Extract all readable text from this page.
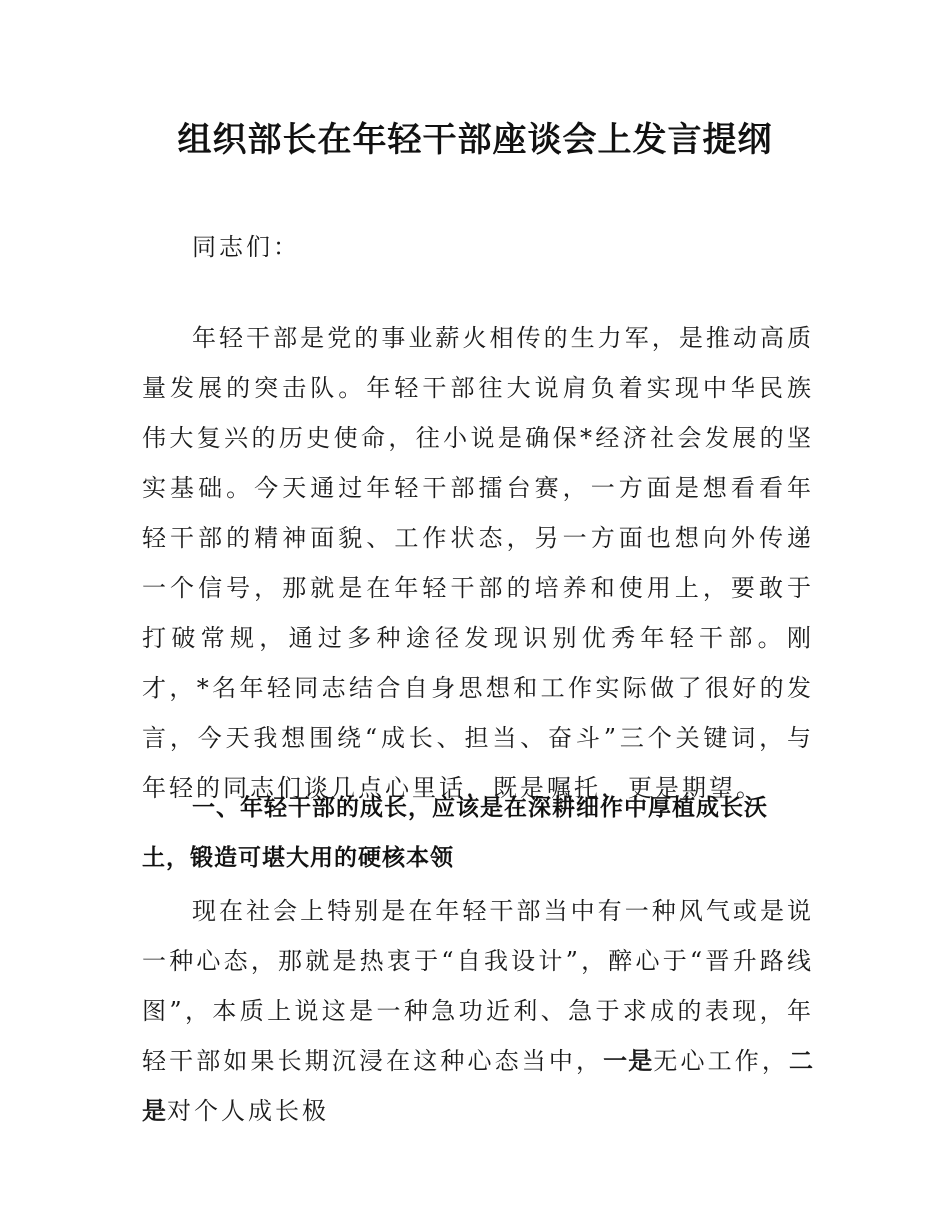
组织部长在年轻干部座谈会上发言提纲

同志们：

年轻干部是党的事业薪火相传的生力军，是推动高质量发展的突击队。年轻干部往大说肩负着实现中华民族伟大复兴的历史使命，往小说是确保*经济社会发展的坚实基础。今天通过年轻干部擂台赛，一方面是想看看年轻干部的精神面貌、工作状态，另一方面也想向外传递一个信号，那就是在年轻干部的培养和使用上，要敢于打破常规，通过多种途径发现识别优秀年轻干部。刚才，*名年轻同志结合自身思想和工作实际做了很好的发言，今天我想围绕“成长、担当、奋斗”三个关键词，与年轻的同志们谈几点心里话，既是嘱托，更是期望。

一、年轻干部的成长，应该是在深耕细作中厚植成长沃土，锻造可堪大用的硬核本领

现在社会上特别是在年轻干部当中有一种风气或是说一种心态，那就是热衷于“自我设计”，醉心于“晋升路线图”，本质上说这是一种急功近利、急于求成的表现，年轻干部如果长期沉浸在这种心态当中，一是无心工作，二是对个人成长极
